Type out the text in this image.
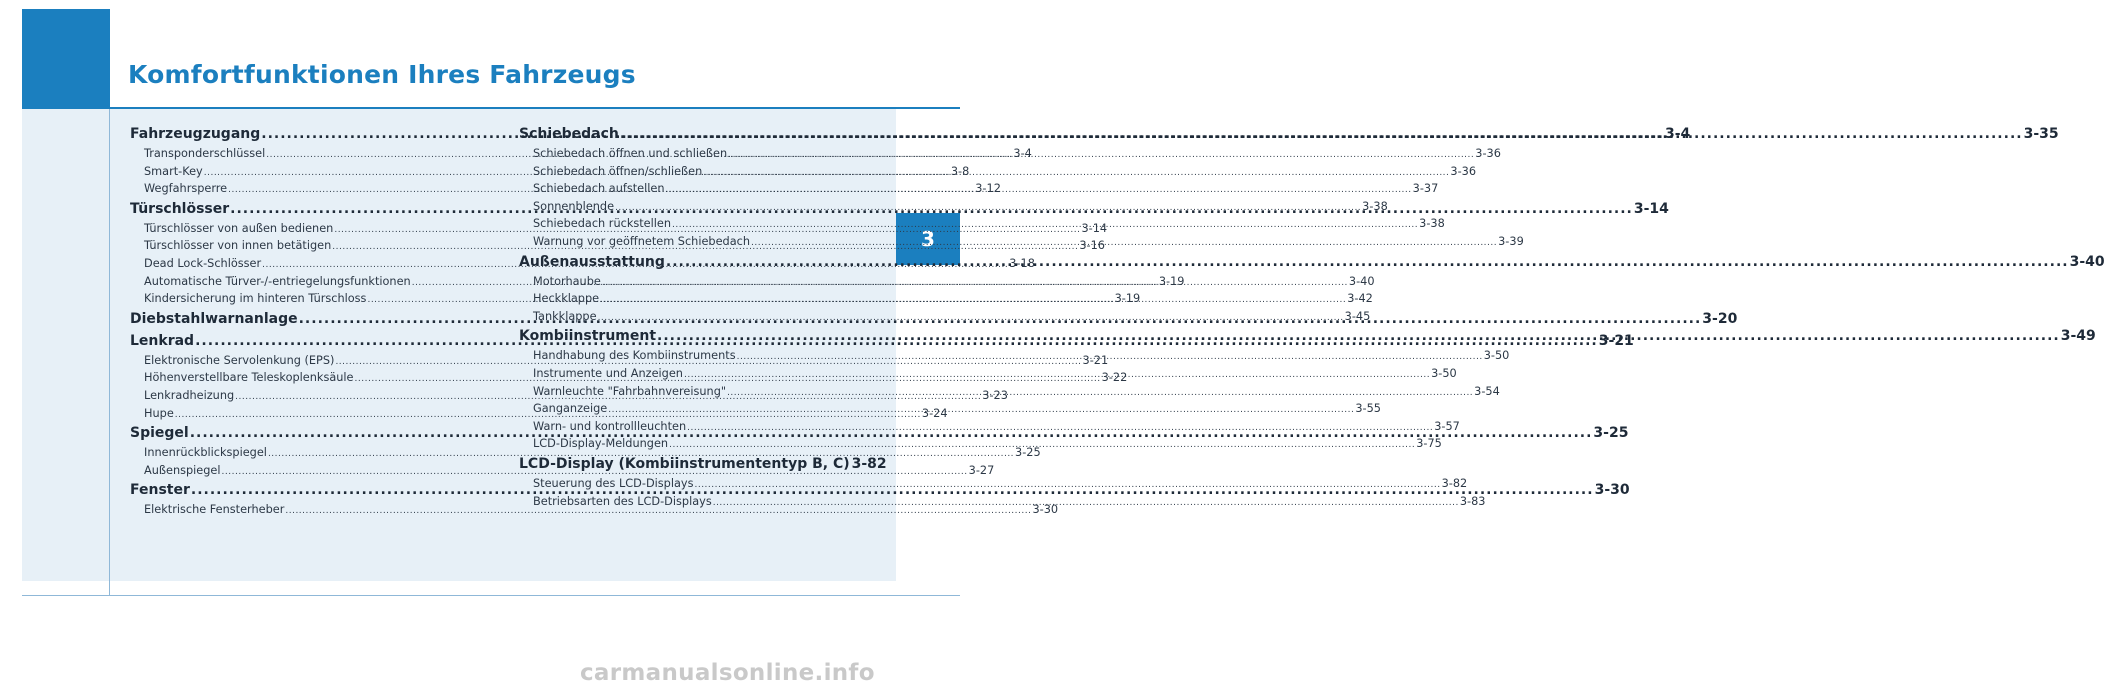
Komfortfunktionen Ihres Fahrzeugs
3
Fahrzeugzugang .....	3-4
Transponderschlüssel .....	3-4
Smart-Key .....	3-8
Wegfahrsperre .....	3-12
Türschlösser .....	3-14
Türschlösser von außen bedienen .....	3-14
Türschlösser von innen betätigen .....	3-16
Dead Lock-Schlösser .....	3-18
Automatische Türver-/-entriegelungsfunktionen .....	3-19
Kindersicherung im hinteren Türschloss .....	3-19
Diebstahlwarnanlage .....	3-20
Lenkrad .....	3-21
Elektronische Servolenkung (EPS) .....	3-21
Höhenverstellbare Teleskoplenksäule .....	3-22
Lenkradheizung .....	3-23
Hupe .....	3-24
Spiegel .....	3-25
Innenrückblickspiegel .....	3-25
Außenspiegel .....	3-27
Fenster .....	3-30
Elektrische Fensterheber .....	3-30
Schiebedach .....	3-35
Schiebedach öffnen und schließen .....	3-36
Schiebedach öffnen/schließen .....	3-36
Schiebedach aufstellen .....	3-37
Sonnenblende .....	3-38
Schiebedach rückstellen .....	3-38
Warnung vor geöffnetem Schiebedach .....	3-39
Außenausstattung .....	3-40
Motorhaube .....	3-40
Heckklappe .....	3-42
Tankklappe .....	3-45
Kombiinstrument .....	3-49
Handhabung des Kombiinstruments .....	3-50
Instrumente und Anzeigen .....	3-50
Warnleuchte "Fahrbahnvereisung" .....	3-54
Ganganzeige .....	3-55
Warn- und kontrollleuchten .....	3-57
LCD-Display-Meldungen .....	3-75
LCD-Display (Kombiinstrumententyp B, C) 3-82
Steuerung des LCD-Displays .....	3-82
Betriebsarten des LCD-Displays .....	3-83
carmanualsonline.info
